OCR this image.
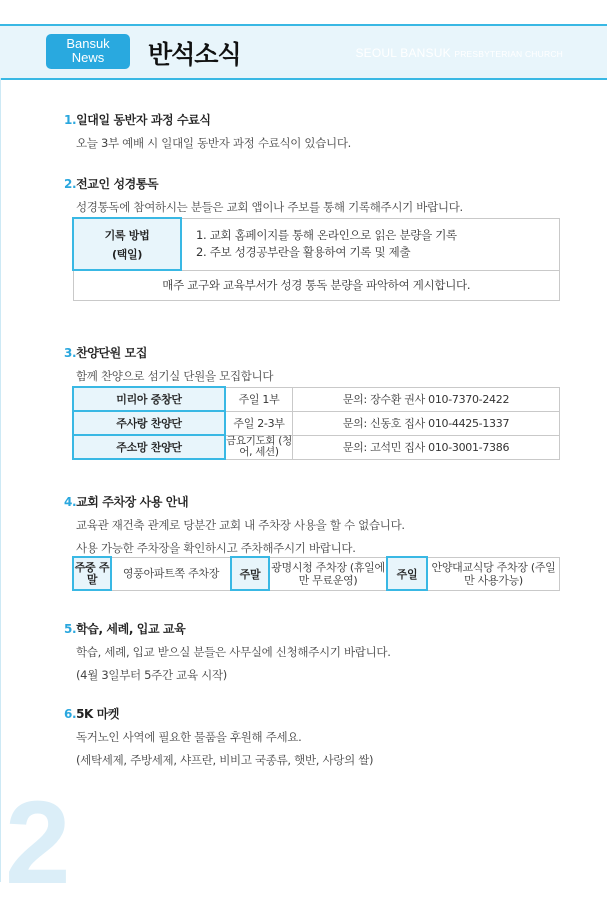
Bansuk
News	반석소식	SEOUL BANSUK PRESBYTERIAN CHURCH
1.일대일 동반자 과정 수료식
오늘 3부 예배 시 일대일 동반자 과정 수료식이 있습니다.
2.전교인 성경통독
성경통독에 참여하시는 분들은 교회 앱이나 주보를 통해 기록해주시기 바랍니다.
기록 방법
(택일)

1. 교회 홈페이지를 통해 온라인으로 읽은 분량을 기록
2. 주보 성경공부란을 활용하여 기록 및 제출

매주 교구와 교육부서가 성경 통독 분량을 파악하여 게시합니다.
3.찬양단원 모집
함께 찬양으로 섬기실 단원을 모집합니다
미리아 중창단	주일 1부	문의: 장수환 권사 010-7370-2422
주사랑 찬양단	주일 2-3부	문의: 신동호 집사 010-4425-1337
주소망 찬양단	금요기도회 (청어, 세션)	문의: 고석민 집사 010-3001-7386
4.교회 주차장 사용 안내
교육관 재건축 관계로 당분간 교회 내 주차장 사용을 할 수 없습니다.
사용 가능한 주차장을 확인하시고 주차해주시기 바랍니다.
주중 주말	영풍아파트쪽 주차장	주말	광명시청 주차장 (휴일에만 무료운영)	주일	안양대교식당 주차장 (주일만 사용가능)
5.학습, 세례, 입교 교육
학습, 세례, 입교 받으실 분들은 사무실에 신청해주시기 바랍니다.
(4월 3일부터 5주간 교육 시작)
6.5K 마켓
독거노인 사역에 필요한 물품을 후원해 주세요.
(세탁세제, 주방세제, 샤프란, 비비고 국종류, 햇반, 사랑의 쌀)
2
